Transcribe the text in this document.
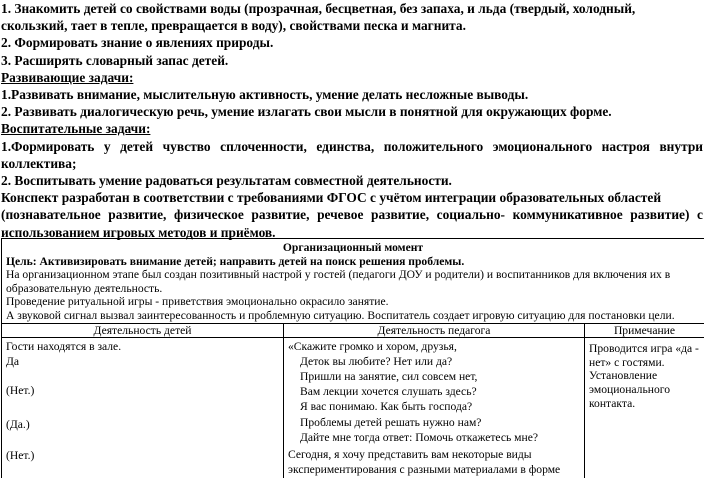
1. Знакомить детей со свойствами воды (прозрачная, бесцветная, без запаха, и льда (твердый, холодный,

скользкий, тает в тепле, превращается в воду), свойствами песка и магнита.

2. Формировать знание о явлениях природы.

3. Расширять словарный запас детей.

Развивающие задачи:

1.Развивать внимание, мыслительную активность, умение делать несложные выводы.

2. Развивать диалогическую речь, умение излагать свои мысли в понятной для окружающих форме.

Воспитательные задачи:

1.Формировать у детей чувство сплоченности, единства, положительного эмоционального настроя внутри

коллектива;

2. Воспитывать умение радоваться результатам совместной деятельности.

Конспект разработан в соответствии с требованиями ФГОС с учётом интеграции образовательных областей

(познавательное развитие, физическое развитие, речевое развитие, социально- коммуникативное развитие) с

использованием игровых методов и приёмов.

Организационный момент

Цель: Активизировать внимание детей; направить детей на поиск решения проблемы.

На организационном этапе был создан позитивный настрой у гостей (педагоги ДОУ и родители) и воспитанников для включения их в образовательную деятельность.

Проведение ритуальной игры - приветствия эмоционально окрасило занятие.

А звуковой сигнал вызвал заинтересованность и проблемную ситуацию. Воспитатель создает игровую ситуацию для постановки цели.

Деятельность детей	Деятельность педагога	Примечание
Гости находятся в зале.
Да
(Нет.)
(Да.)
(Нет.)
«Скажите громко и хором, друзья,
Деток вы любите? Нет или да?
Пришли на занятие, сил совсем нет,
Вам лекции хочется слушать здесь?
Я вас понимаю. Как быть господа?
Проблемы детей решать нужно нам?
Дайте мне тогда ответ: Помочь откажетесь мне?
Сегодня, я хочу представить вам некоторые виды
экспериментирования с разными материалами в форме

Проводится игра «да - нет» с гостями.

Установление эмоционального контакта.
